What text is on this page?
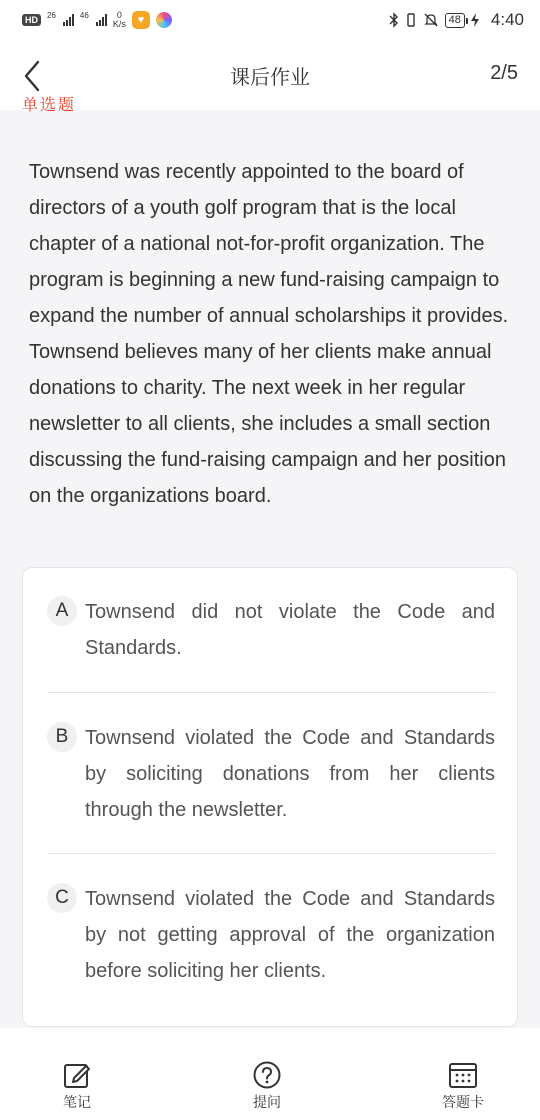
HD	26	46	0
K/s	♥	48 4:40
课后作业	2/5
单选题

Townsend was recently appointed to the board of directors of a youth golf program that is the local chapter of a national not-for-profit organization. The program is beginning a new fund-raising campaign to expand the number of annual scholarships it provides. Townsend believes many of her clients make annual donations to charity. The next week in her regular newsletter to all clients, she includes a small section discussing the fund-raising campaign and her position on the organizations board.

A Townsend did not violate the Code and Standards.
B Townsend violated the Code and Standards by soliciting donations from her clients through the newsletter.
C Townsend violated the Code and Standards by not getting approval of the organization before soliciting her clients.
笔记	提问	答题卡
